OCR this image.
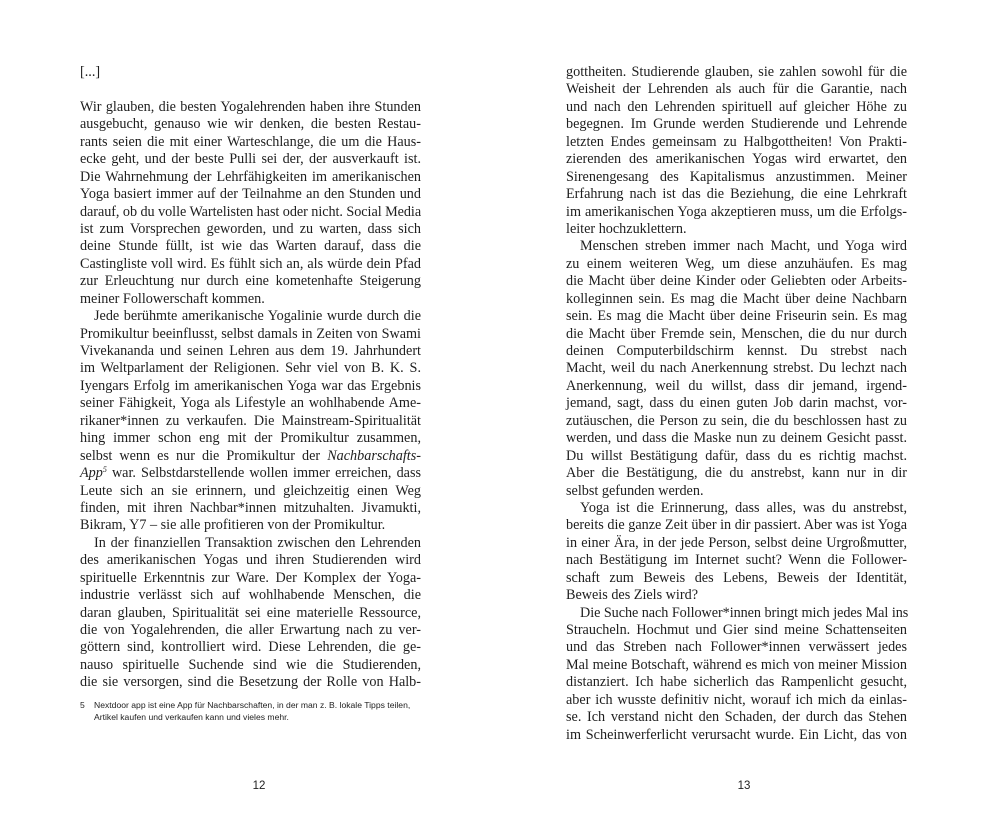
[...]
Wir glauben, die besten Yogalehrenden haben ihre Stunden
ausgebucht, genauso wie wir denken, die besten Restau-
rants seien die mit einer Warteschlange, die um die Haus-
ecke geht, und der beste Pulli sei der, der ausverkauft ist.
Die Wahrnehmung der Lehrfähigkeiten im amerikanischen
Yoga basiert immer auf der Teilnahme an den Stunden und
darauf, ob du volle Wartelisten hast oder nicht. Social Media
ist zum Vorsprechen geworden, und zu warten, dass sich
deine Stunde füllt, ist wie das Warten darauf, dass die
Castingliste voll wird. Es fühlt sich an, als würde dein Pfad
zur Erleuchtung nur durch eine kometenhafte Steigerung
meiner Followerschaft kommen.
Jede berühmte amerikanische Yogalinie wurde durch die
Promikultur beeinflusst, selbst damals in Zeiten von Swami
Vivekananda und seinen Lehren aus dem 19. Jahrhundert
im Weltparlament der Religionen. Sehr viel von B. K. S.
Iyengars Erfolg im amerikanischen Yoga war das Ergebnis
seiner Fähigkeit, Yoga als Lifestyle an wohlhabende Ame-
rikaner*innen zu verkaufen. Die Mainstream-Spiritualität
hing immer schon eng mit der Promikultur zusammen,
selbst wenn es nur die Promikultur der Nachbarschafts-
App$^5$ war. Selbstdarstellende wollen immer erreichen, dass
Leute sich an sie erinnern, und gleichzeitig einen Weg
finden, mit ihren Nachbar*innen mitzuhalten. Jivamukti,
Bikram, Y7 – sie alle profitieren von der Promikultur.
In der finanziellen Transaktion zwischen den Lehrenden
des amerikanischen Yogas und ihren Studierenden wird
spirituelle Erkenntnis zur Ware. Der Komplex der Yoga-
industrie verlässt sich auf wohlhabende Menschen, die
daran glauben, Spiritualität sei eine materielle Ressource,
die von Yogalehrenden, die aller Erwartung nach zu ver-
göttern sind, kontrolliert wird. Diese Lehrenden, die ge-
nauso spirituelle Suchende sind wie die Studierenden,
die sie versorgen, sind die Besetzung der Rolle von Halb-
5	Nextdoor app ist eine App für Nachbarschaften, in der man z. B. lokale Tipps teilen, Artikel kaufen und verkaufen kann und vieles mehr.
12
gottheiten. Studierende glauben, sie zahlen sowohl für die
Weisheit der Lehrenden als auch für die Garantie, nach
und nach den Lehrenden spirituell auf gleicher Höhe zu
begegnen. Im Grunde werden Studierende und Lehrende
letzten Endes gemeinsam zu Halbgottheiten! Von Prakti-
zierenden des amerikanischen Yogas wird erwartet, den
Sirenengesang des Kapitalismus anzustimmen. Meiner
Erfahrung nach ist das die Beziehung, die eine Lehrkraft
im amerikanischen Yoga akzeptieren muss, um die Erfolgs-
leiter hochzuklettern.
Menschen streben immer nach Macht, und Yoga wird
zu einem weiteren Weg, um diese anzuhäufen. Es mag
die Macht über deine Kinder oder Geliebten oder Arbeits-
kolleginnen sein. Es mag die Macht über deine Nachbarn
sein. Es mag die Macht über deine Friseurin sein. Es mag
die Macht über Fremde sein, Menschen, die du nur durch
deinen Computerbildschirm kennst. Du strebst nach
Macht, weil du nach Anerkennung strebst. Du lechzt nach
Anerkennung, weil du willst, dass dir jemand, irgend-
jemand, sagt, dass du einen guten Job darin machst, vor-
zutäuschen, die Person zu sein, die du beschlossen hast zu
werden, und dass die Maske nun zu deinem Gesicht passt.
Du willst Bestätigung dafür, dass du es richtig machst.
Aber die Bestätigung, die du anstrebst, kann nur in dir
selbst gefunden werden.
Yoga ist die Erinnerung, dass alles, was du anstrebst,
bereits die ganze Zeit über in dir passiert. Aber was ist Yoga
in einer Ära, in der jede Person, selbst deine Urgroßmutter,
nach Bestätigung im Internet sucht? Wenn die Follower-
schaft zum Beweis des Lebens, Beweis der Identität,
Beweis des Ziels wird?
Die Suche nach Follower*innen bringt mich jedes Mal ins
Straucheln. Hochmut und Gier sind meine Schattenseiten
und das Streben nach Follower*innen verwässert jedes
Mal meine Botschaft, während es mich von meiner Mission
distanziert. Ich habe sicherlich das Rampenlicht gesucht,
aber ich wusste definitiv nicht, worauf ich mich da einlas-
se. Ich verstand nicht den Schaden, der durch das Stehen
im Scheinwerferlicht verursacht wurde. Ein Licht, das von
13
